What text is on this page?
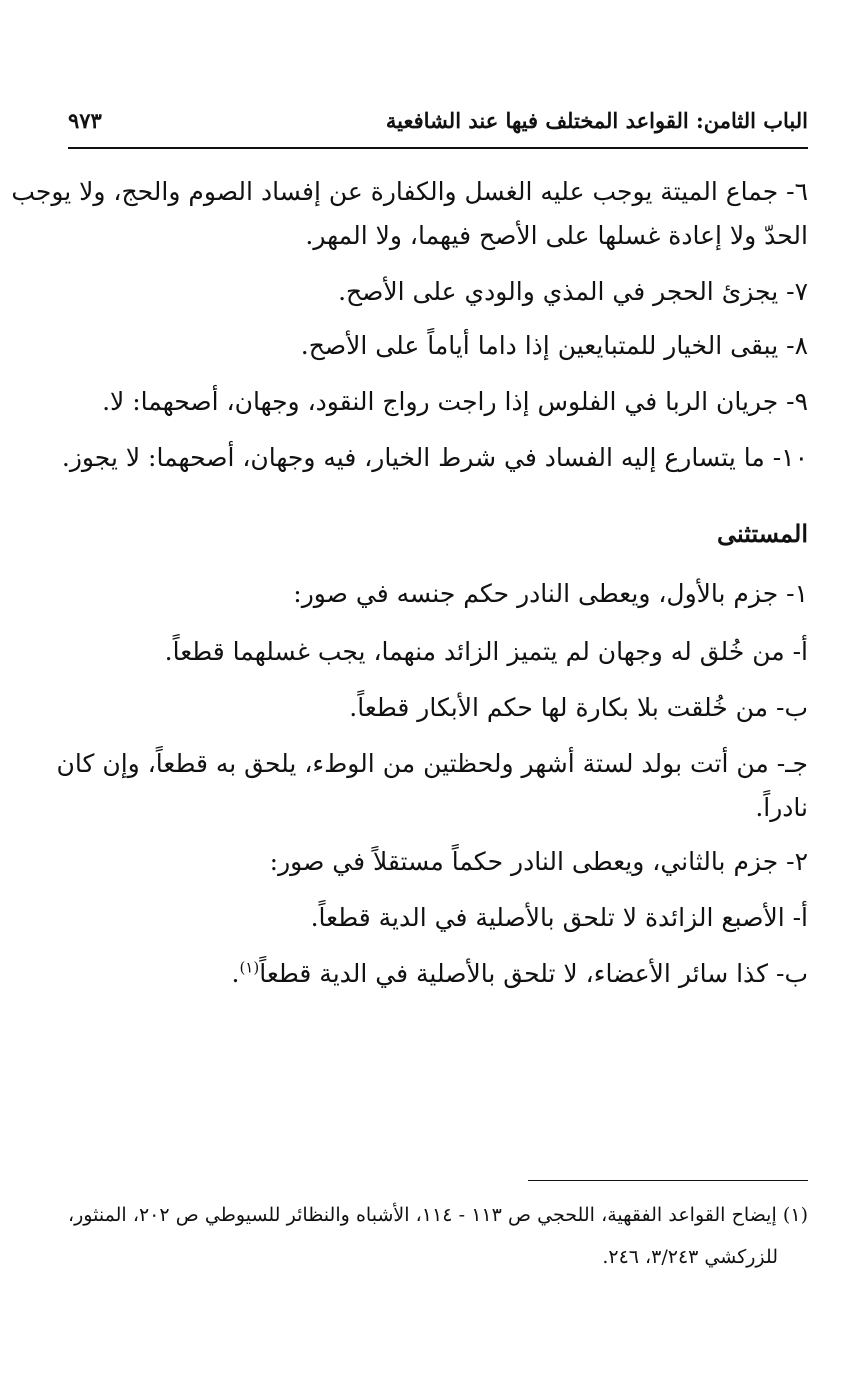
الباب الثامن: القواعد المختلف فيها عند الشافعية
٩٧٣
٦- جماع الميتة يوجب عليه الغسل والكفارة عن إفساد الصوم والحج، ولا يوجب
الحدّ ولا إعادة غسلها على الأصح فيهما، ولا المهر.
٧- يجزئ الحجر في المذي والودي على الأصح.
٨- يبقى الخيار للمتبايعين إذا داما أياماً على الأصح.
٩- جريان الربا في الفلوس إذا راجت رواج النقود، وجهان، أصحهما: لا.
١٠- ما يتسارع إليه الفساد في شرط الخيار، فيه وجهان، أصحهما: لا يجوز.
المستثنى
١- جزم بالأول، ويعطى النادر حكم جنسه في صور:
أ- من خُلق له وجهان لم يتميز الزائد منهما، يجب غسلهما قطعاً.
ب- من خُلقت بلا بكارة لها حكم الأبكار قطعاً.
جـ- من أتت بولد لستة أشهر ولحظتين من الوطء، يلحق به قطعاً، وإن كان
نادراً.
٢- جزم بالثاني، ويعطى النادر حكماً مستقلاً في صور:
أ- الأصبع الزائدة لا تلحق بالأصلية في الدية قطعاً.
ب- كذا سائر الأعضاء، لا تلحق بالأصلية في الدية قطعاً$^{(١)}$.
(١) إيضاح القواعد الفقهية، اللحجي ص ١١٣ - ١١٤، الأشباه والنظائر للسيوطي ص ٢٠٢، المنثور،
للزركشي ٣/٢٤٣، ٢٤٦.
